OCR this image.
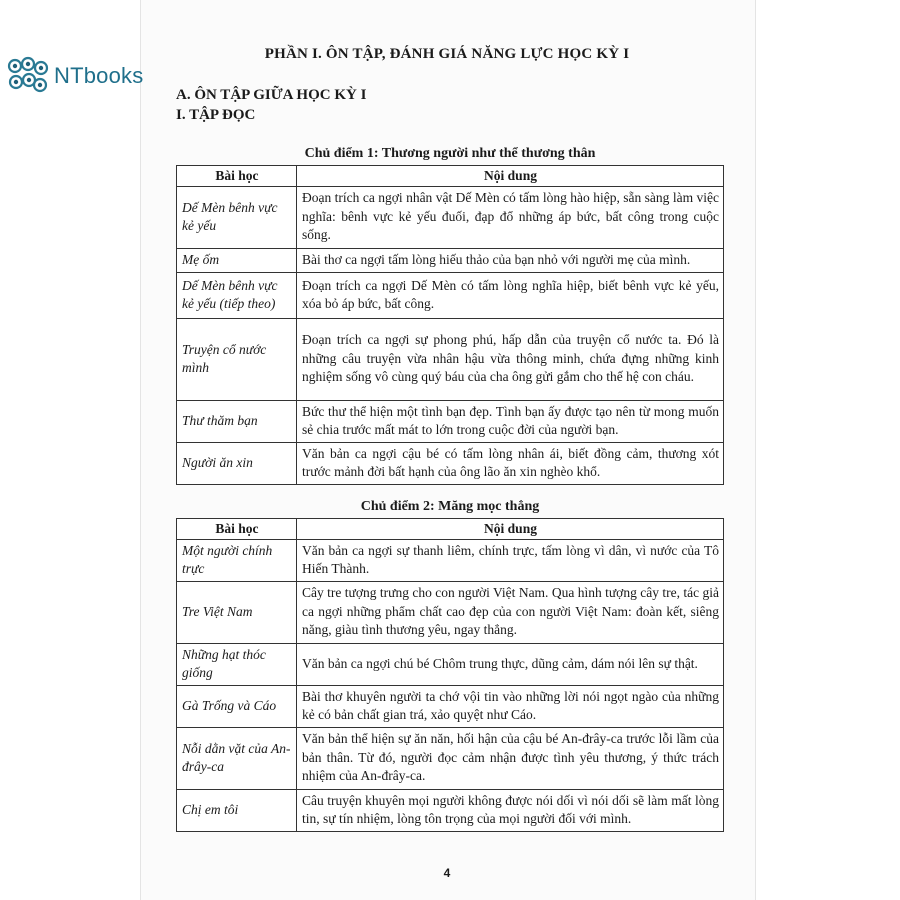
NTbooks
PHẦN I. ÔN TẬP, ĐÁNH GIÁ NĂNG LỰC HỌC KỲ I
A. ÔN TẬP GIỮA HỌC KỲ I
I. TẬP ĐỌC
Chủ điểm 1: Thương người như thể thương thân
Bài học	Nội dung
Dế Mèn bênh vực kẻ yếu	Đoạn trích ca ngợi nhân vật Dế Mèn có tấm lòng hào hiệp, sẵn sàng làm việc nghĩa: bênh vực kẻ yếu đuối, đạp đổ những áp bức, bất công trong cuộc sống.
Mẹ ốm	Bài thơ ca ngợi tấm lòng hiếu thảo của bạn nhỏ với người mẹ của mình.
Dế Mèn bênh vực kẻ yếu (tiếp theo)	Đoạn trích ca ngợi Dế Mèn có tấm lòng nghĩa hiệp, biết bênh vực kẻ yếu, xóa bỏ áp bức, bất công.
Truyện cổ nước mình	Đoạn trích ca ngợi sự phong phú, hấp dẫn của truyện cổ nước ta. Đó là những câu truyện vừa nhân hậu vừa thông minh, chứa đựng những kinh nghiệm sống vô cùng quý báu của cha ông gửi gắm cho thế hệ con cháu.
Thư thăm bạn	Bức thư thể hiện một tình bạn đẹp. Tình bạn ấy được tạo nên từ mong muốn sẻ chia trước mất mát to lớn trong cuộc đời của người bạn.
Người ăn xin	Văn bản ca ngợi cậu bé có tấm lòng nhân ái, biết đồng cảm, thương xót trước mảnh đời bất hạnh của ông lão ăn xin nghèo khổ.
Chủ điểm 2: Măng mọc thẳng
Bài học	Nội dung
Một người chính trực	Văn bản ca ngợi sự thanh liêm, chính trực, tấm lòng vì dân, vì nước của Tô Hiến Thành.
Tre Việt Nam	Cây tre tượng trưng cho con người Việt Nam. Qua hình tượng cây tre, tác giả ca ngợi những phẩm chất cao đẹp của con người Việt Nam: đoàn kết, siêng năng, giàu tình thương yêu, ngay thẳng.
Những hạt thóc giống	Văn bản ca ngợi chú bé Chôm trung thực, dũng cảm, dám nói lên sự thật.
Gà Trống và Cáo	Bài thơ khuyên người ta chớ vội tin vào những lời nói ngọt ngào của những kẻ có bản chất gian trá, xảo quyệt như Cáo.
Nỗi dằn vặt của An-đrây-ca	Văn bản thể hiện sự ăn năn, hối hận của cậu bé An-đrây-ca trước lỗi lầm của bản thân. Từ đó, người đọc cảm nhận được tình yêu thương, ý thức trách nhiệm của An-đrây-ca.
Chị em tôi	Câu truyện khuyên mọi người không được nói dối vì nói dối sẽ làm mất lòng tin, sự tín nhiệm, lòng tôn trọng của mọi người đối với mình.
4
